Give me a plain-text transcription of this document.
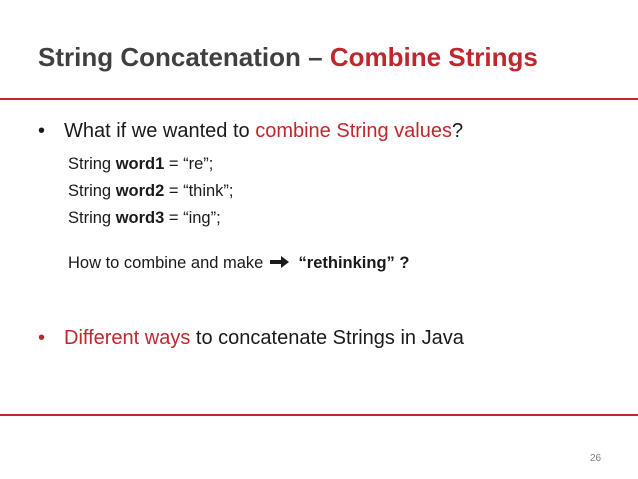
String Concatenation – Combine Strings
• What if we wanted to combine String values?
String word1 = “re”;
String word2 = “think”;
String word3 = “ing”;
How to combine and make “rethinking” ?
• Different ways to concatenate Strings in Java
26
